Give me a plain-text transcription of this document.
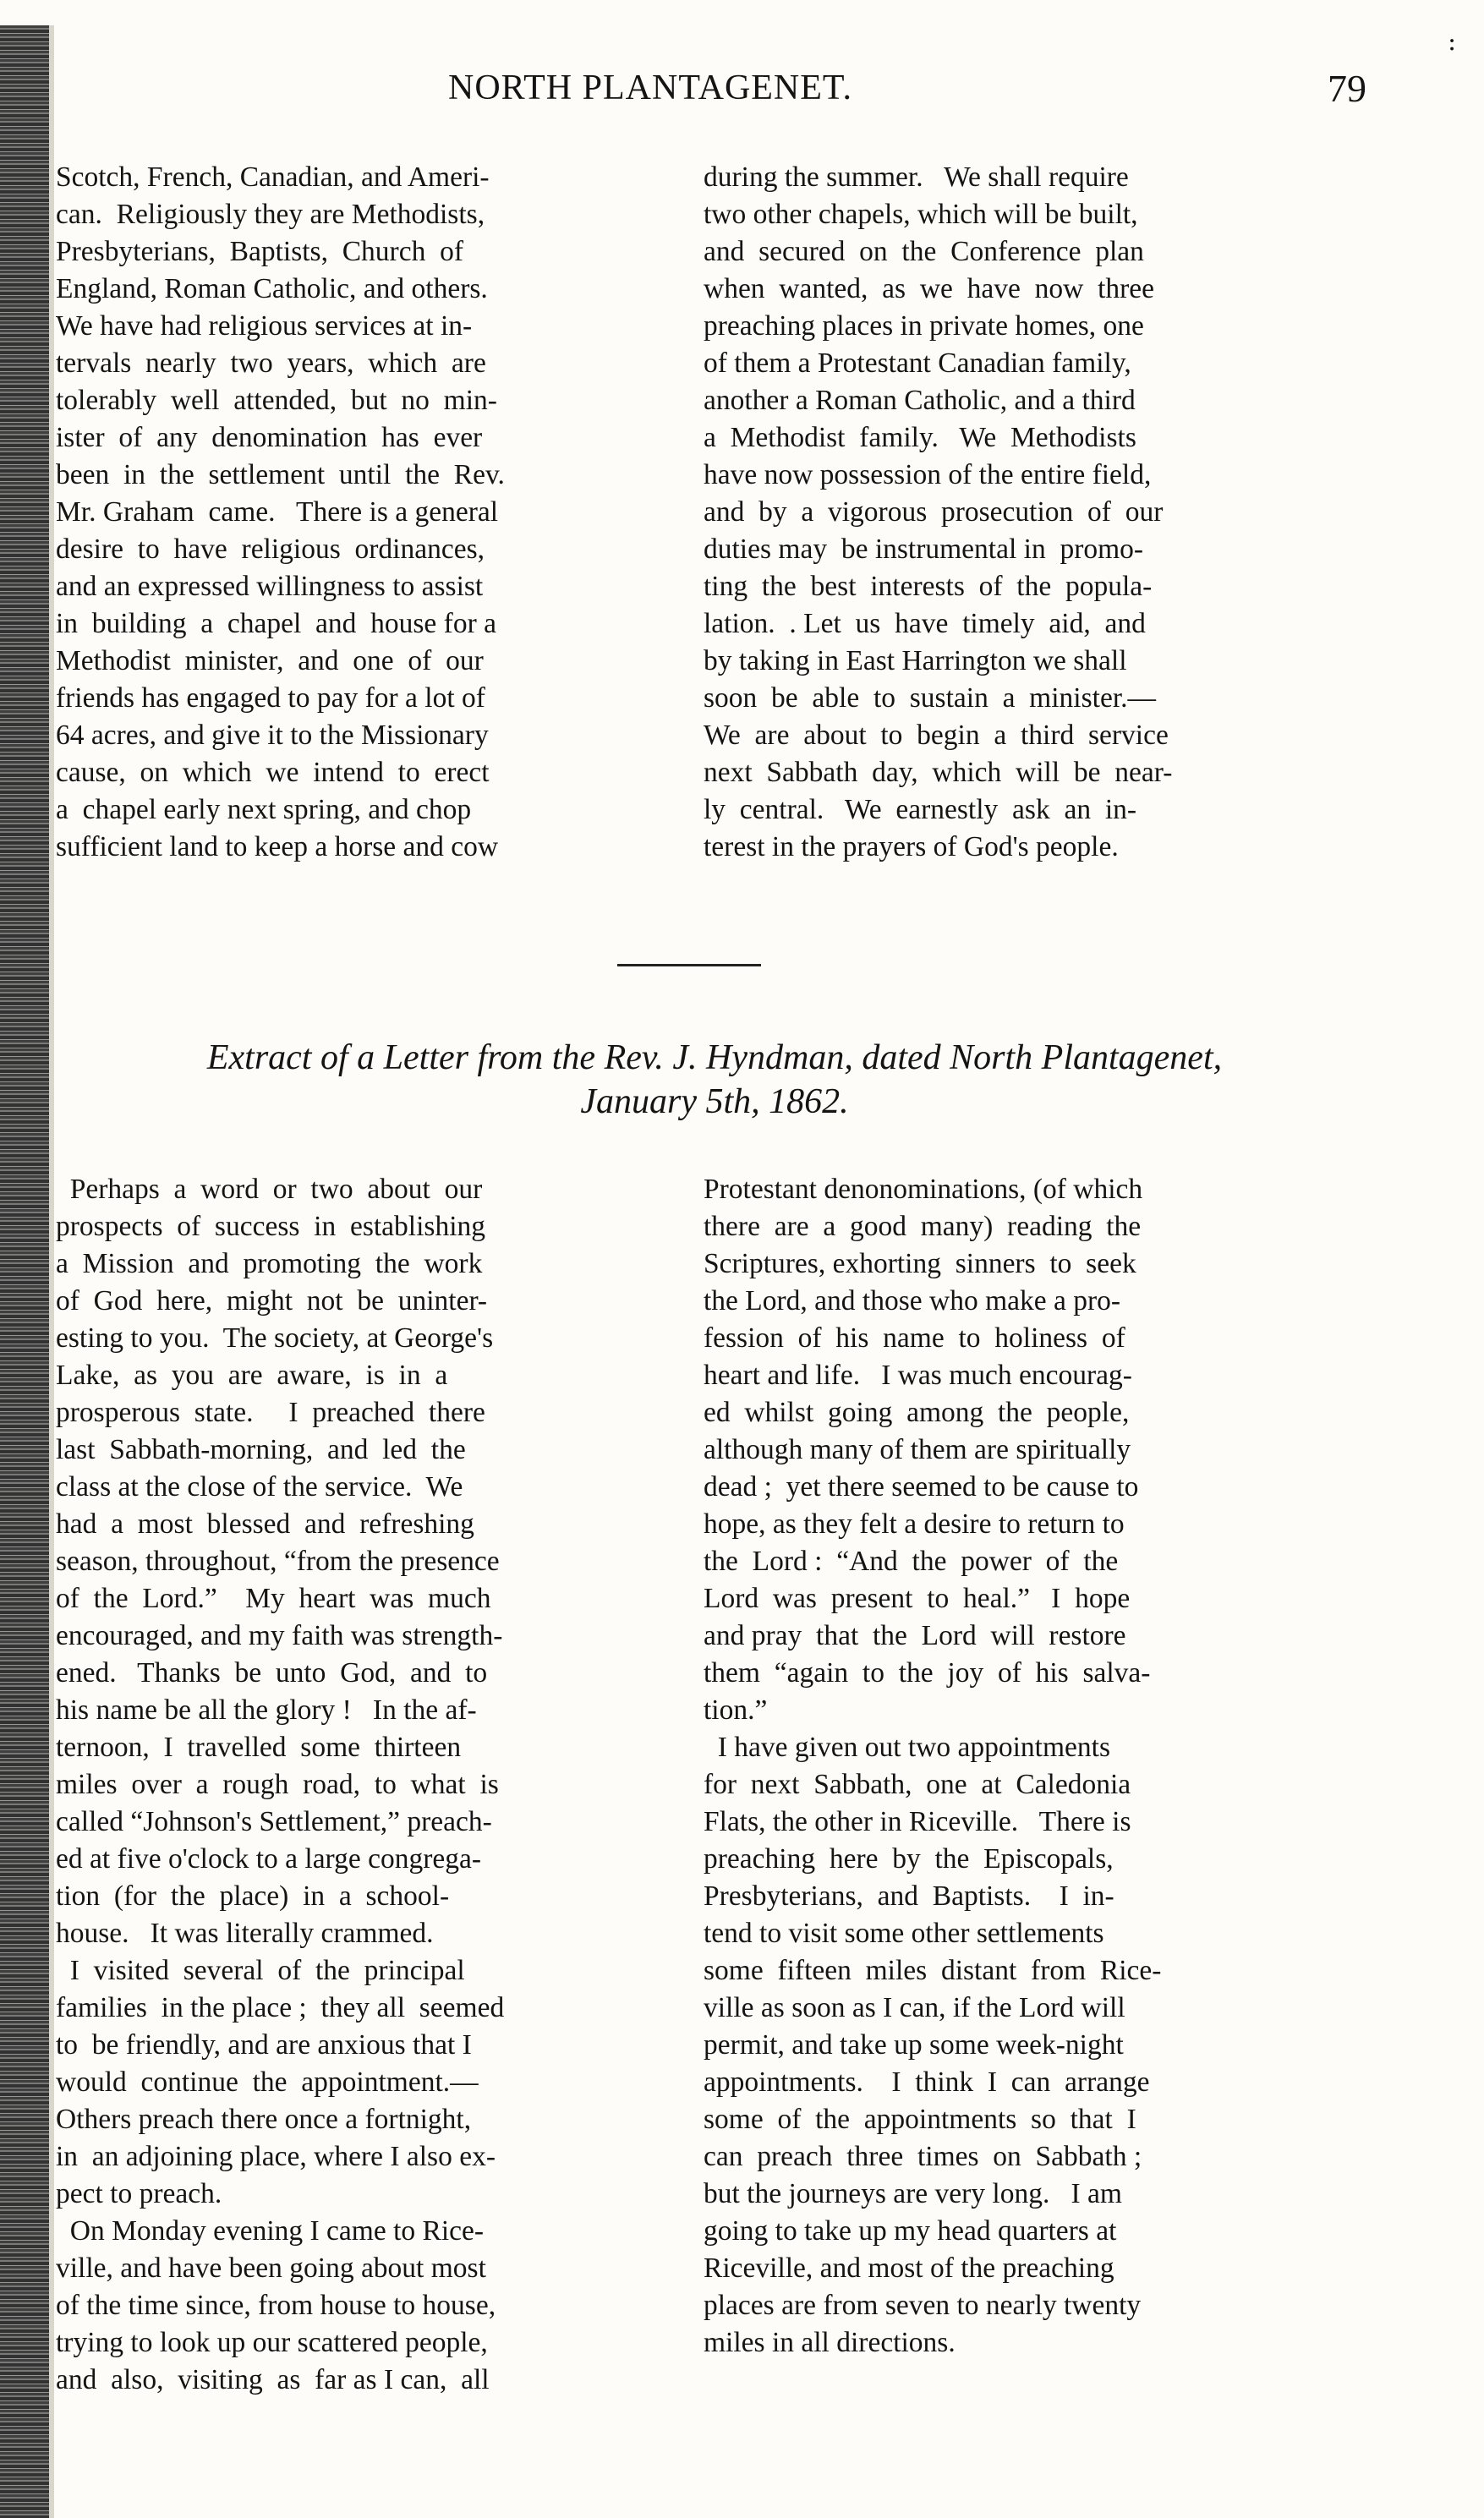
:
NORTH PLANTAGENET.	79

Scotch, French, Canadian, and Ameri-

can.  Religiously they are Methodists,

Presbyterians,  Baptists,  Church  of

England, Roman Catholic, and others.

We have had religious services at in-

tervals  nearly  two  years,  which  are

tolerably  well  attended,  but  no  min-

ister  of  any  denomination  has  ever

been  in  the  settlement  until  the  Rev.

Mr. Graham  came.   There is a general

desire  to  have  religious  ordinances,

and an expressed willingness to assist

in  building  a  chapel  and  house for a

Methodist  minister,  and  one  of  our

friends has engaged to pay for a lot of

64 acres, and give it to the Missionary

cause,  on  which  we  intend  to  erect

a  chapel early next spring, and chop

sufficient land to keep a horse and cow

during the summer.   We shall require

two other chapels, which will be built,

and  secured  on  the  Conference  plan

when  wanted,  as  we  have  now  three

preaching places in private homes, one

of them a Protestant Canadian family,

another a Roman Catholic, and a third

a  Methodist  family.   We  Methodists

have now possession of the entire field,

and  by  a  vigorous  prosecution  of  our

duties may  be instrumental in  promo-

ting  the  best  interests  of  the  popula-

lation.  . Let  us  have  timely  aid,  and

by taking in East Harrington we shall

soon  be  able  to  sustain  a  minister.—

We  are  about  to  begin  a  third  service

next  Sabbath  day,  which  will  be  near-

ly  central.   We  earnestly  ask  an  in-

terest in the prayers of God's people.

Extract of a Letter from the Rev. J. Hyndman, dated North Plantagenet,
January 5th, 1862.

Perhaps  a  word  or  two  about  our

prospects  of  success  in  establishing

a  Mission  and  promoting  the  work

of  God  here,  might  not  be  uninter-

esting to you.  The society, at George's

Lake,  as  you  are  aware,  is  in  a

prosperous  state.     I  preached  there

last  Sabbath-morning,  and  led  the

class at the close of the service.  We

had  a  most  blessed  and  refreshing

season, throughout, “from the presence

of  the  Lord.”    My  heart  was  much

encouraged, and my faith was strength-

ened.   Thanks  be  unto  God,  and  to

his name be all the glory !   In the af-

ternoon,  I  travelled  some  thirteen

miles  over  a  rough  road,  to  what  is

called “Johnson's Settlement,” preach-

ed at five o'clock to a large congrega-

tion  (for  the  place)  in  a  school-

house.   It was literally crammed.

I  visited  several  of  the  principal

families  in the place ;  they all  seemed

to  be friendly, and are anxious that I

would  continue  the  appointment.—

Others preach there once a fortnight,

in  an adjoining place, where I also ex-

pect to preach.

On Monday evening I came to Rice-

ville, and have been going about most

of the time since, from house to house,

trying to look up our scattered people,

and  also,  visiting  as  far as I can,  all

Protestant denonominations, (of which

there  are  a  good  many)  reading  the

Scriptures, exhorting  sinners  to  seek

the Lord, and those who make a pro-

fession  of  his  name  to  holiness  of

heart and life.   I was much encourag-

ed  whilst  going  among  the  people,

although many of them are spiritually

dead ;  yet there seemed to be cause to

hope, as they felt a desire to return to

the  Lord :  “And  the  power  of  the

Lord  was  present  to  heal.”   I  hope

and pray  that  the  Lord  will  restore

them  “again  to  the  joy  of  his  salva-

tion.”

I have given out two appointments

for  next  Sabbath,  one  at  Caledonia

Flats, the other in Riceville.   There is

preaching  here  by  the  Episcopals,

Presbyterians,  and  Baptists.    I  in-

tend to visit some other settlements

some  fifteen  miles  distant  from  Rice-

ville as soon as I can, if the Lord will

permit, and take up some week-night

appointments.    I  think  I  can  arrange

some  of  the  appointments  so  that  I

can  preach  three  times  on  Sabbath ;

but the journeys are very long.   I am

going to take up my head quarters at

Riceville, and most of the preaching

places are from seven to nearly twenty

miles in all directions.
